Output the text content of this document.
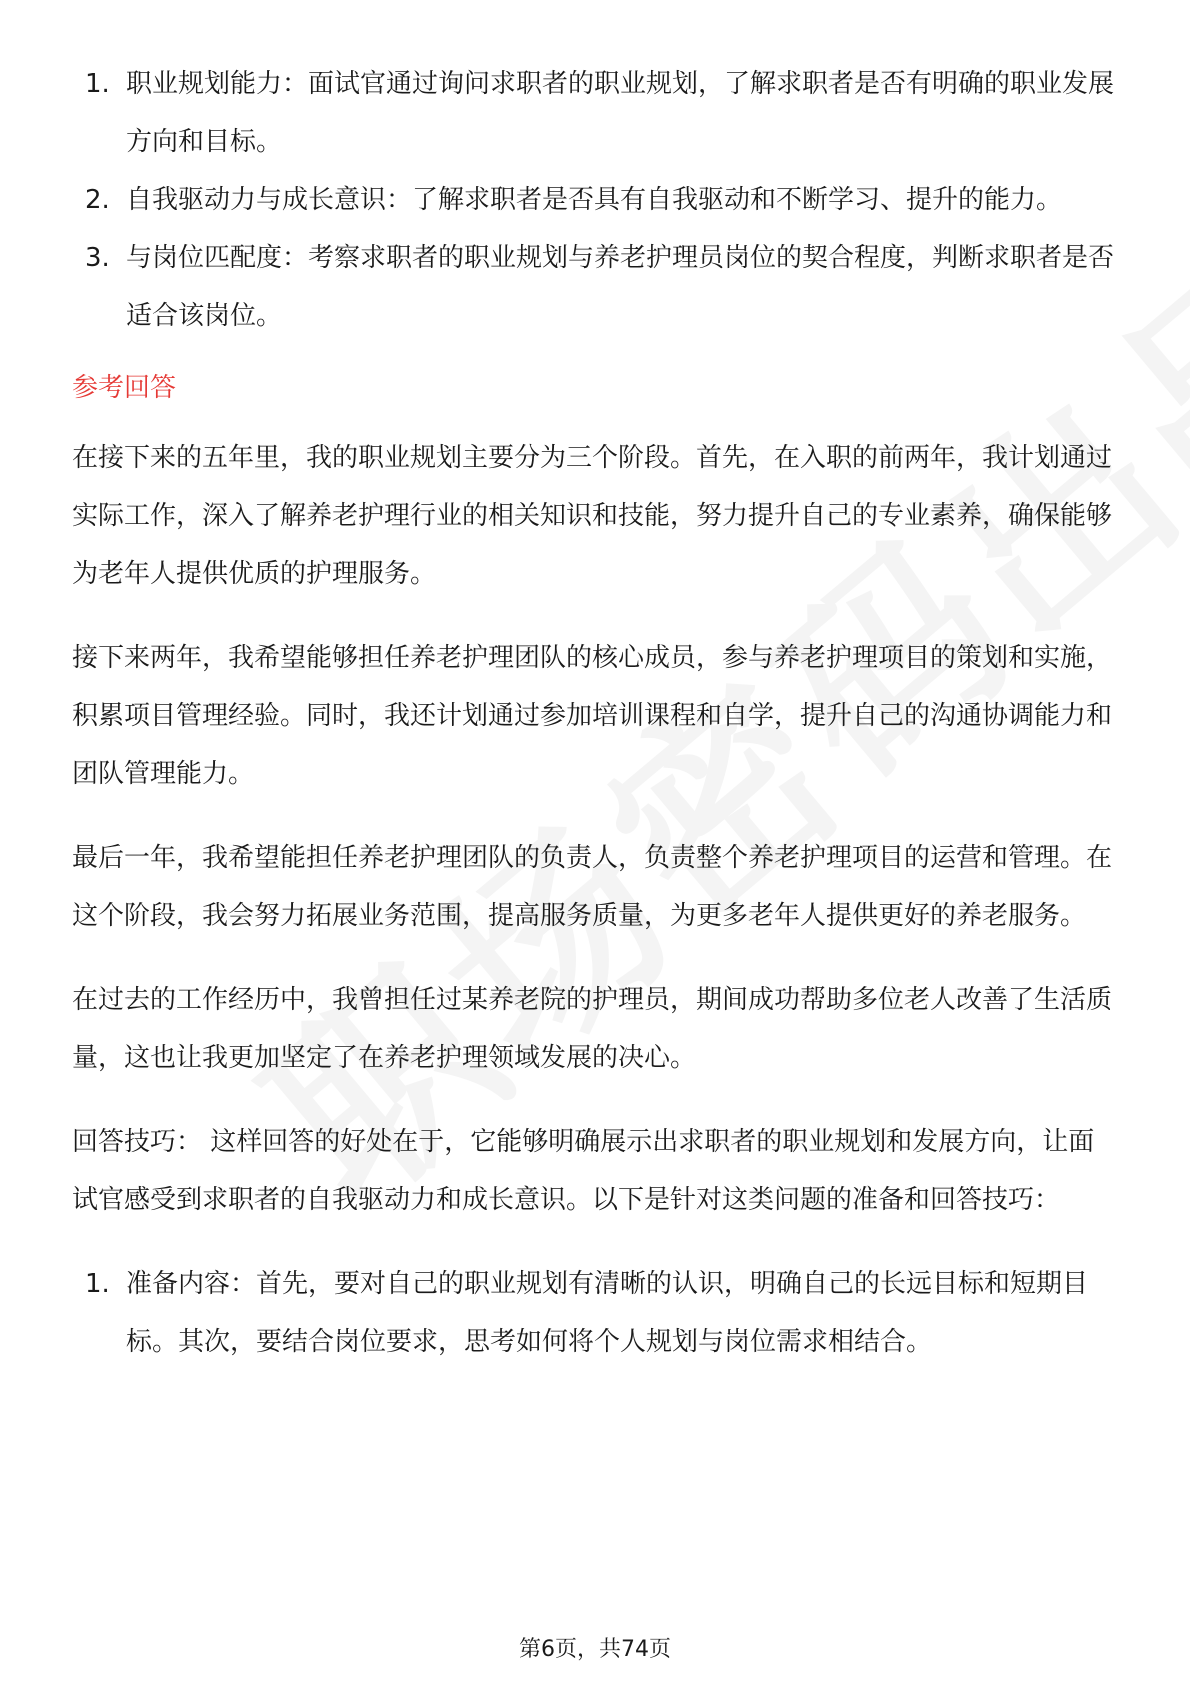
1. 职业规划能力：面试官通过询问求职者的职业规划，了解求职者是否有明确的职业发展方向和目标。
2. 自我驱动力与成长意识：了解求职者是否具有自我驱动和不断学习、提升的能力。
3. 与岗位匹配度：考察求职者的职业规划与养老护理员岗位的契合程度，判断求职者是否适合该岗位。
参考回答

在接下来的五年里，我的职业规划主要分为三个阶段。首先，在入职的前两年，我计划通过实际工作，深入了解养老护理行业的相关知识和技能，努力提升自己的专业素养，确保能够为老年人提供优质的护理服务。

接下来两年，我希望能够担任养老护理团队的核心成员，参与养老护理项目的策划和实施，积累项目管理经验。同时，我还计划通过参加培训课程和自学，提升自己的沟通协调能力和团队管理能力。

最后一年，我希望能担任养老护理团队的负责人，负责整个养老护理项目的运营和管理。在这个阶段，我会努力拓展业务范围，提高服务质量，为更多老年人提供更好的养老服务。

在过去的工作经历中，我曾担任过某养老院的护理员，期间成功帮助多位老人改善了生活质量，这也让我更加坚定了在养老护理领域发展的决心。

回答技巧： 这样回答的好处在于，它能够明确展示出求职者的职业规划和发展方向，让面试官感受到求职者的自我驱动力和成长意识。以下是针对这类问题的准备和回答技巧：

1. 准备内容：首先，要对自己的职业规划有清晰的认识，明确自己的长远目标和短期目标。其次，要结合岗位要求，思考如何将个人规划与岗位需求相结合。
第6页，共74页
